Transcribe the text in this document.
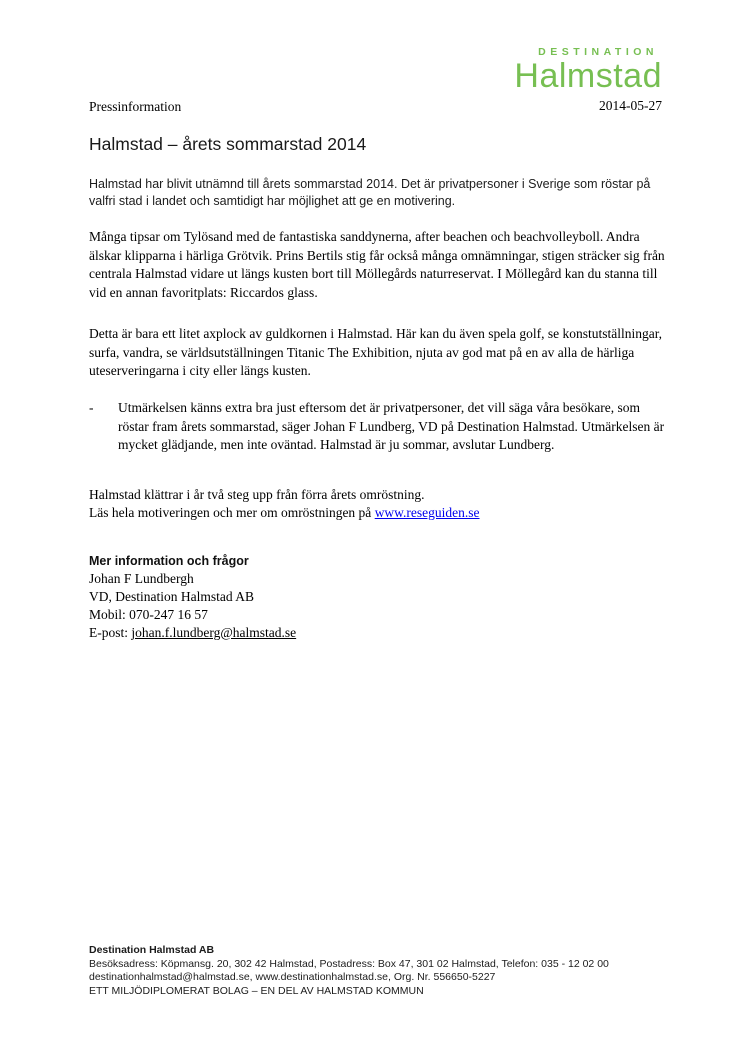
DESTINATION
Halmstad
2014-05-27
Pressinformation
Halmstad – årets sommarstad 2014
Halmstad har blivit utnämnd till årets sommarstad 2014. Det är privatpersoner i Sverige som röstar på valfri stad i landet och samtidigt har möjlighet att ge en motivering.
Många tipsar om Tylösand med de fantastiska sanddynerna, after beachen och beachvolleyboll. Andra älskar klipparna i härliga Grötvik. Prins Bertils stig får också många omnämningar, stigen sträcker sig från centrala Halmstad vidare ut längs kusten bort till Möllegårds naturreservat. I Möllegård kan du stanna till vid en annan favoritplats: Riccardos glass.
Detta är bara ett litet axplock av guldkornen i Halmstad. Här kan du även spela golf, se konstutställningar, surfa, vandra, se världsutställningen Titanic The Exhibition, njuta av god mat på en av alla de härliga uteserveringarna i city eller längs kusten.
-	Utmärkelsen känns extra bra just eftersom det är privatpersoner, det vill säga våra besökare, som röstar fram årets sommarstad, säger Johan F Lundberg, VD på Destination Halmstad. Utmärkelsen är mycket glädjande, men inte oväntad. Halmstad är ju sommar, avslutar Lundberg.
Halmstad klättrar i år två steg upp från förra årets omröstning.
Läs hela motiveringen och mer om omröstningen på www.reseguiden.se
Mer information och frågor
Johan F Lundbergh
VD, Destination Halmstad AB
Mobil: 070-247 16 57
E-post: johan.f.lundberg@halmstad.se
Destination Halmstad AB
Besöksadress: Köpmansg. 20, 302 42 Halmstad, Postadress: Box 47, 301 02 Halmstad, Telefon: 035 - 12 02 00
destinationhalmstad@halmstad.se, www.destinationhalmstad.se, Org. Nr. 556650-5227
ETT MILJÖDIPLOMERAT BOLAG – EN DEL AV HALMSTAD KOMMUN
